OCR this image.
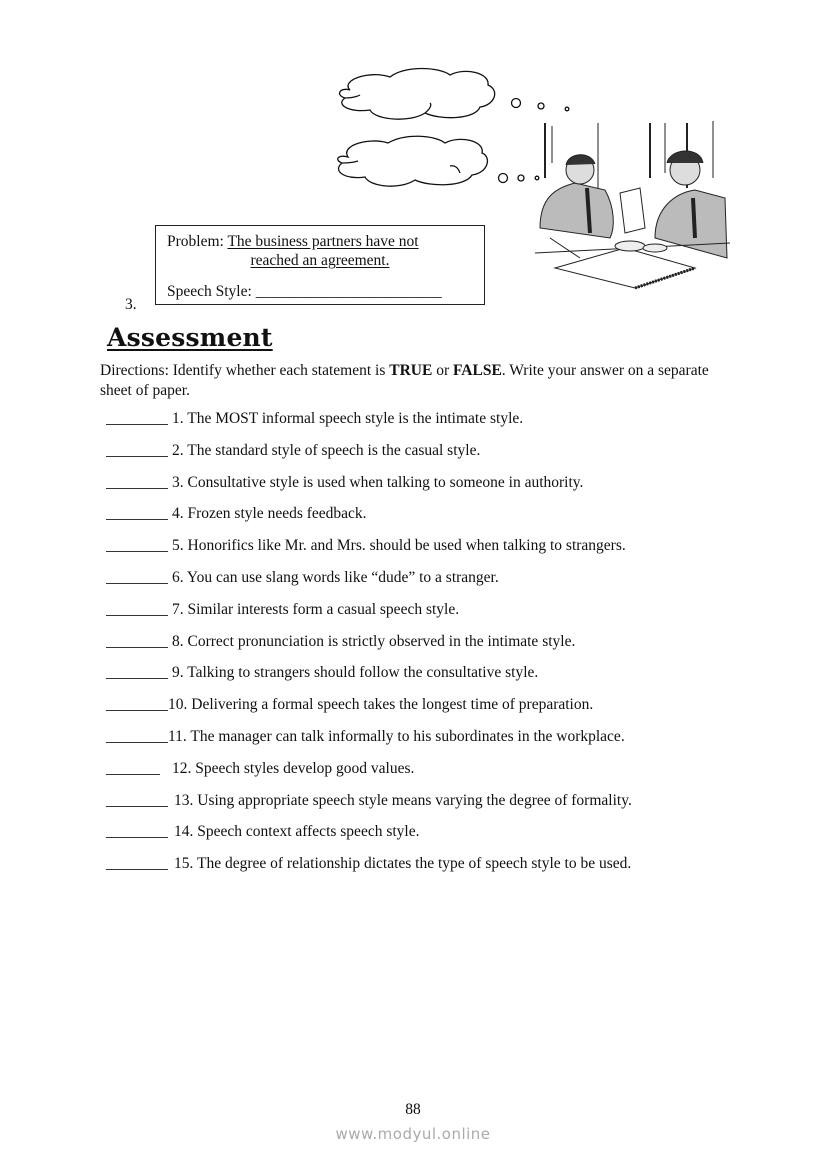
Problem: The business partners have not
reached an agreement.
Speech Style: ________________________
3.
Assessment
Directions: Identify whether each statement is TRUE or FALSE. Write your answer on a separate sheet of paper.
1. The MOST informal speech style is the intimate style.
2. The standard style of speech is the casual style.
3. Consultative style is used when talking to someone in authority.
4. Frozen style needs feedback.
5. Honorifics like Mr. and Mrs. should be used when talking to strangers.
6. You can use slang words like “dude” to a stranger.
7. Similar interests form a casual speech style.
8. Correct pronunciation is strictly observed in the intimate style.
9. Talking to strangers should follow the consultative style.
10. Delivering a formal speech takes the longest time of preparation.
11. The manager can talk informally to his subordinates in the workplace.
12. Speech styles develop good values.
13. Using appropriate speech style means varying the degree of formality.
14. Speech context affects speech style.
15. The degree of relationship dictates the type of speech style to be used.
88
www.modyul.online
